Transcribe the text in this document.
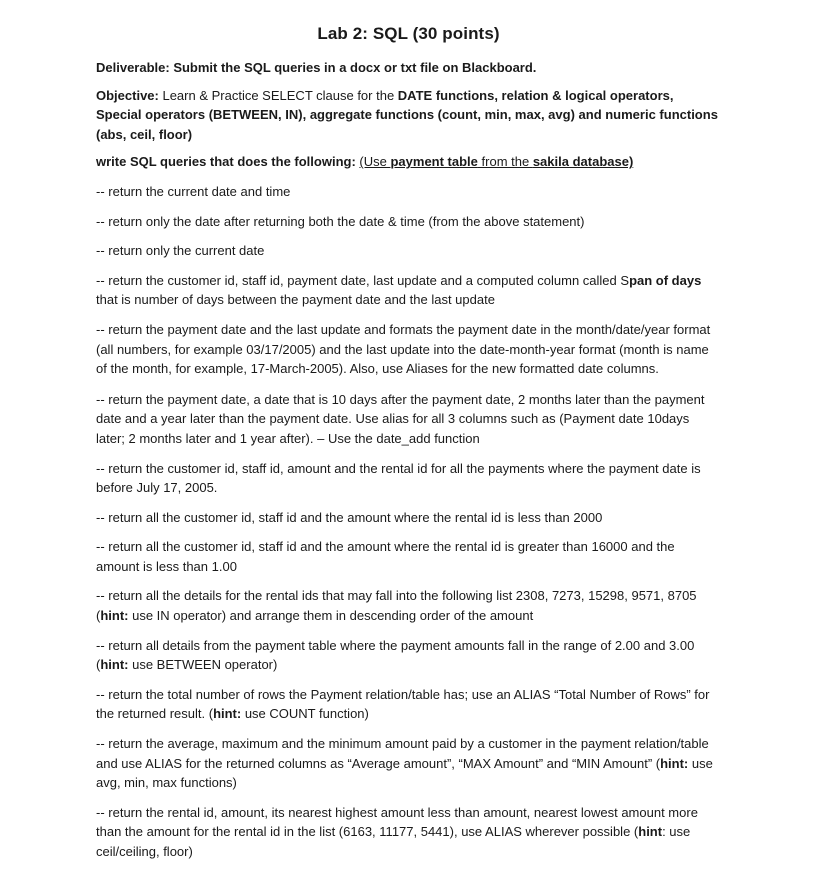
Lab 2: SQL (30 points)

Deliverable: Submit the SQL queries in a docx or txt file on Blackboard.

Objective: Learn & Practice SELECT clause for the DATE functions, relation & logical operators, Special operators (BETWEEN, IN), aggregate functions (count, min, max, avg) and numeric functions (abs, ceil, floor)

write SQL queries that does the following: (Use payment table from the sakila database)

-- return the current date and time

-- return only the date after returning both the date & time (from the above statement)

-- return only the current date

-- return the customer id, staff id, payment date, last update and a computed column called Span of days that is number of days between the payment date and the last update

-- return the payment date and the last update and formats the payment date in the month/date/year format (all numbers, for example 03/17/2005) and the last update into the date-month-year format (month is name of the month, for example, 17-March-2005). Also, use Aliases for the new formatted date columns.

-- return the payment date, a date that is 10 days after the payment date, 2 months later than the payment date and a year later than the payment date. Use alias for all 3 columns such as (Payment date 10days later; 2 months later and 1 year after). – Use the date_add function

-- return the customer id, staff id, amount and the rental id for all the payments where the payment date is before July 17, 2005.

-- return all the customer id, staff id and the amount where the rental id is less than 2000

-- return all the customer id, staff id and the amount where the rental id is greater than 16000 and the amount is less than 1.00

-- return all the details for the rental ids that may fall into the following list 2308, 7273, 15298, 9571, 8705 (hint: use IN operator) and arrange them in descending order of the amount

-- return all details from the payment table where the payment amounts fall in the range of 2.00 and 3.00 (hint: use BETWEEN operator)

-- return the total number of rows the Payment relation/table has; use an ALIAS “Total Number of Rows” for the returned result. (hint: use COUNT function)

-- return the average, maximum and the minimum amount paid by a customer in the payment relation/table and use ALIAS for the returned columns as “Average amount”, “MAX Amount” and “MIN Amount” (hint: use avg, min, max functions)

-- return the rental id, amount, its nearest highest amount less than amount, nearest lowest amount more than the amount for the rental id in the list (6163, 11177, 5441), use ALIAS wherever possible (hint: use ceil/ceiling, floor)
